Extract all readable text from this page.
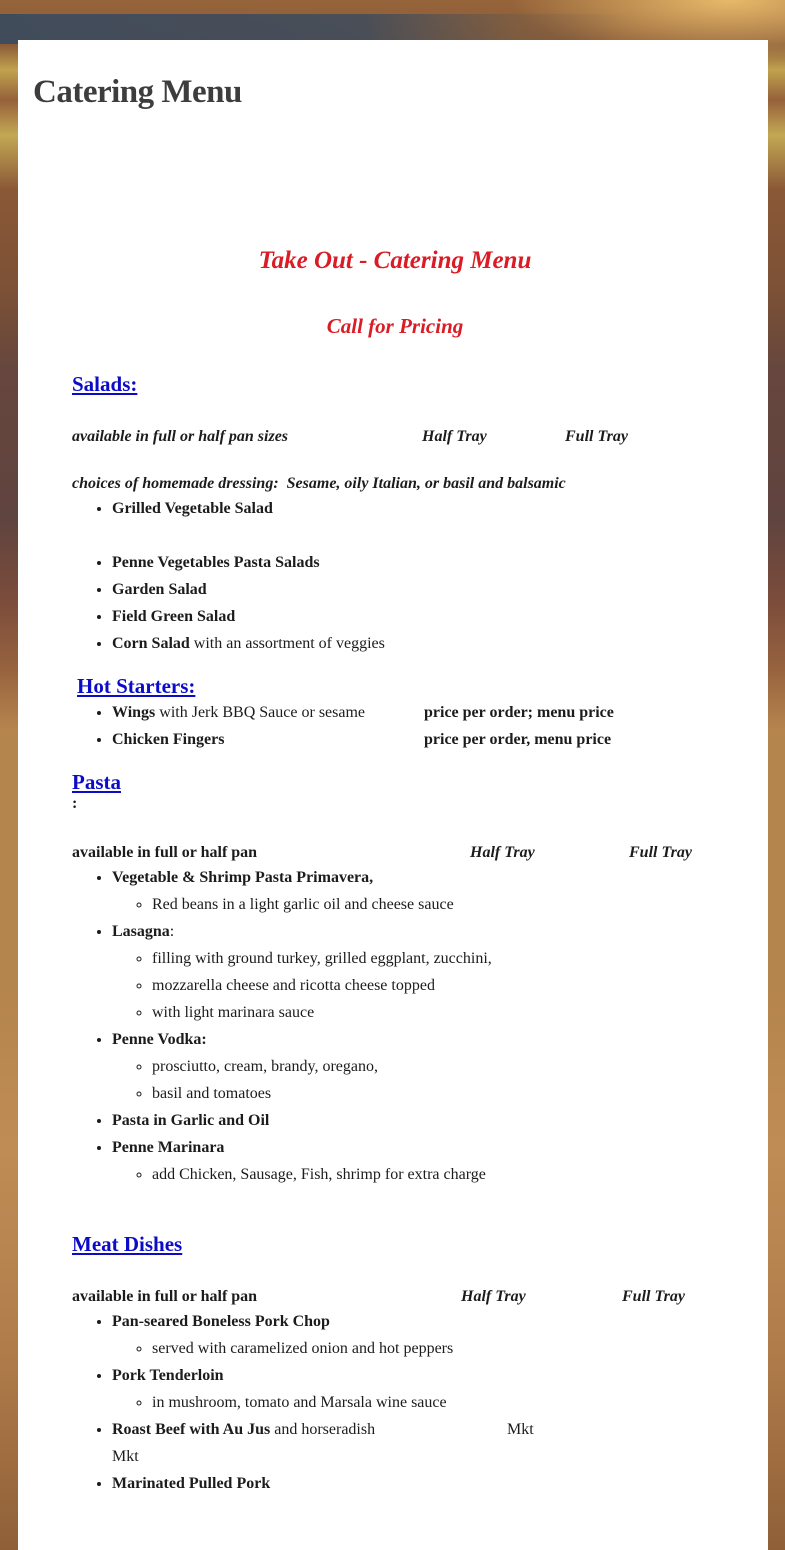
Catering Menu

Take Out - Catering Menu

Call for Pricing

Salads:

available in full or half pan sizes	Half Tray	Full Tray

choices of homemade dressing:  Sesame, oily Italian, or basil and balsamic

• Grilled Vegetable Salad
• Penne Vegetables Pasta Salads
• Garden Salad
• Field Green Salad
• Corn Salad with an assortment of veggies
Hot Starters:
• Wings with Jerk BBQ Sauce or sesame	price per order; menu price
• Chicken Fingers	price per order, menu price
Pasta
:

available in full or half pan	Half Tray	Full Tray

• Vegetable & Shrimp Pasta Primavera,
◦ Red beans in a light garlic oil and cheese sauce
• Lasagna:
◦ filling with ground turkey, grilled eggplant, zucchini,
◦ mozzarella cheese and ricotta cheese topped
◦ with light marinara sauce
• Penne Vodka:
◦ prosciutto, cream, brandy, oregano,
◦ basil and tomatoes
• Pasta in Garlic and Oil
• Penne Marinara
◦ add Chicken, Sausage, Fish, shrimp for extra charge
Meat Dishes

available in full or half pan	Half Tray	Full Tray

• Pan-seared Boneless Pork Chop
◦ served with caramelized onion and hot peppers
• Pork Tenderloin
◦ in mushroom, tomato and Marsala wine sauce
• Roast Beef with Au Jus and horseradish	Mkt
Mkt
• Marinated Pulled Pork
